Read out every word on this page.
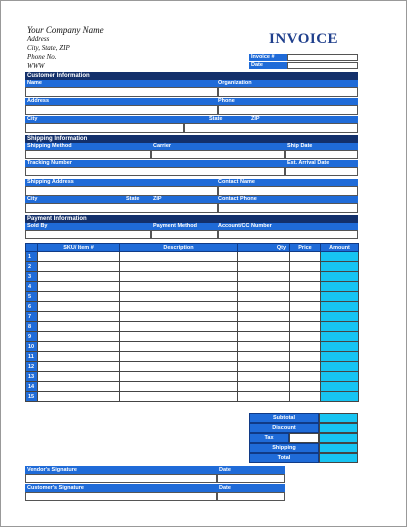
Your Company Name
Address
City, State, ZIP
Phone No.
WWW
INVOICE
Invoice #
Date
Customer Information
Name	Organization
Address	Phone
City	State	ZIP
Shipping Information
Shipping Method	Carrier	Ship Date
Tracking Number	Est. Arrival Date
Shipping Address	Contact Name
City	State ZIP	Contact Phone
Payment Information
Sold By	Payment Method	Account/CC Number
	SKU/ Item #	Description	Qty	Price	Amount
1					
2					
3					
4					
5					
6					
7					
8					
9					
10					
11					
12					
13					
14					
15					
Subtotal
Discount
Tax
Shipping
Total
Vendor's Signature	Date
Customer's Signature	Date
